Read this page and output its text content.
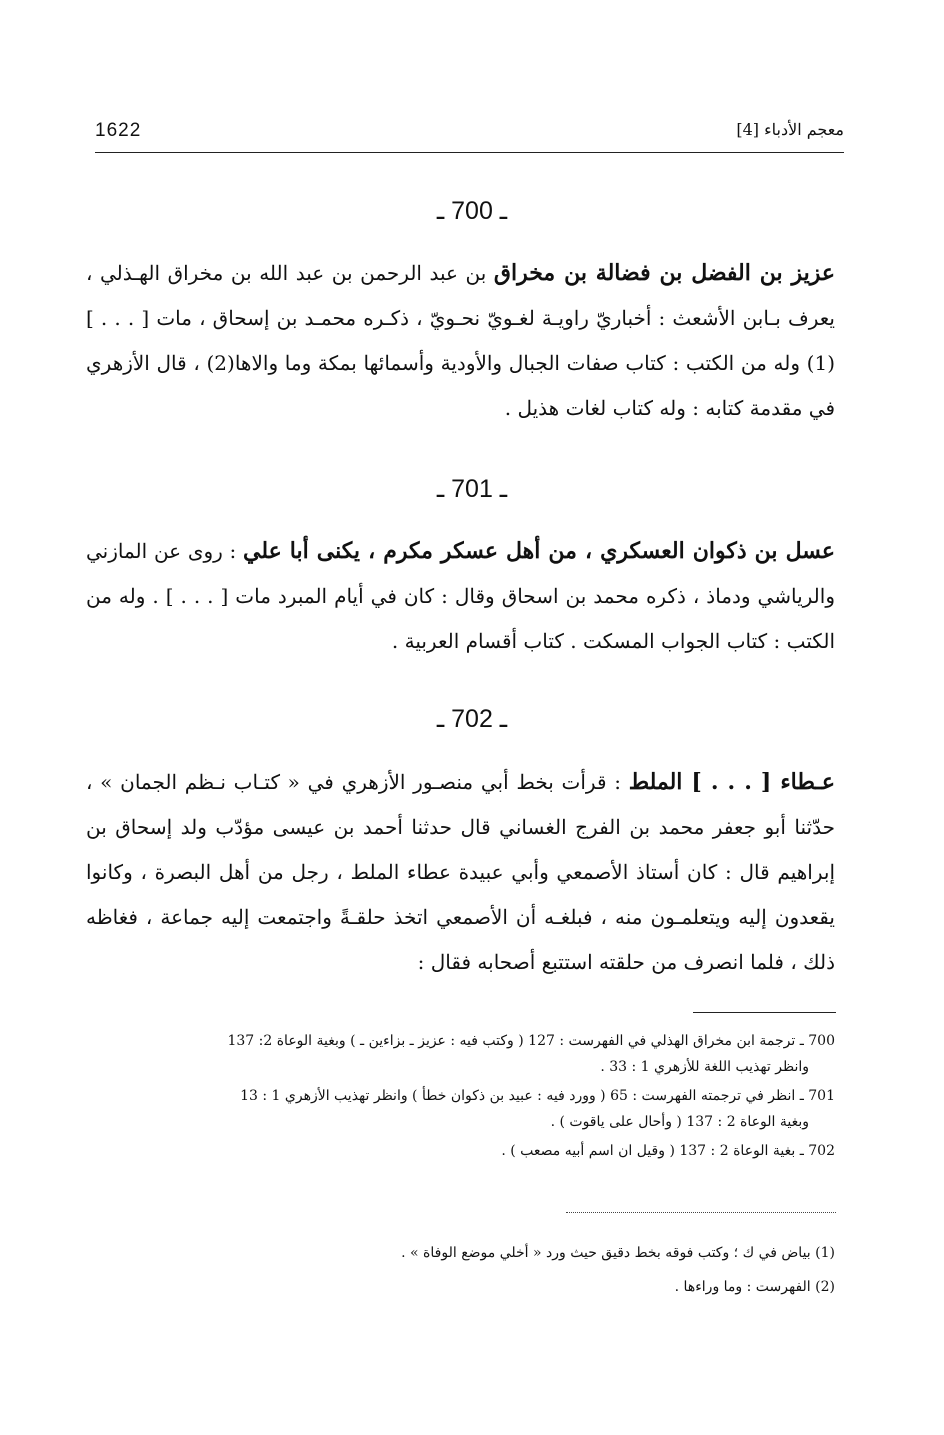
1622	معجم الأدباء [4]
ـ 700 ـ
عزيز بن الفضل بن فضالة بن مخراق بن عبد الرحمن بن عبد الله بن مخراق الهـذلي ، يعرف بـابن الأشعث : أخباريّ راويـة لغـويّ نحـويّ ، ذكـره محمـد بن إسحاق ، مات [ . . . ](1) وله من الكتب : كتاب صفات الجبال والأودية وأسمائها بمكة وما والاها(2) ، قال الأزهري في مقدمة كتابه : وله كتاب لغات هذيل .
ـ 701 ـ
عسل بن ذكوان العسكري ، من أهل عسكر مكرم ، يكنى أبا علي : روى عن المازني والرياشي ودماذ ، ذكره محمد بن اسحاق وقال : كان في أيام المبرد مات [ . . . ] . وله من الكتب : كتاب الجواب المسكت . كتاب أقسام العربية .
ـ 702 ـ
عـطاء [ . . . ] الملط : قرأت بخط أبي منصـور الأزهري في « كتـاب نـظم الجمان » ، حدّثنا أبو جعفر محمد بن الفرج الغساني قال حدثنا أحمد بن عيسى مؤدّب ولد إسحاق بن إبراهيم قال : كان أستاذ الأصمعي وأبي عبيدة عطاء الملط ، رجل من أهل البصرة ، وكانوا يقعدون إليه ويتعلمـون منه ، فبلغـه أن الأصمعي اتخذ حلقـةً واجتمعت إليه جماعة ، فغاظه ذلك ، فلما انصرف من حلقته استتبع أصحابه فقال :
700 ـ ترجمة ابن مخراق الهذلي في الفهرست : 127 ( وكتب فيه : عزيز ـ بزاءين ـ ) وبغية الوعاة 2: 137
وانظر تهذيب اللغة للأزهري 1 : 33 .
701 ـ انظر في ترجمته الفهرست : 65 ( وورد فيه : عبيد بن ذكوان خطأ ) وانظر تهذيب الأزهري 1 : 13
وبغية الوعاة 2 : 137 ( وأحال على ياقوت ) .
702 ـ بغية الوعاة 2 : 137 ( وقيل ان اسم أبيه مصعب ) .

(1) بياض في ك ؛ وكتب فوقه بخط دقيق حيث ورد « أخلي موضع الوفاة » .

(2) الفهرست : وما وراءها .
